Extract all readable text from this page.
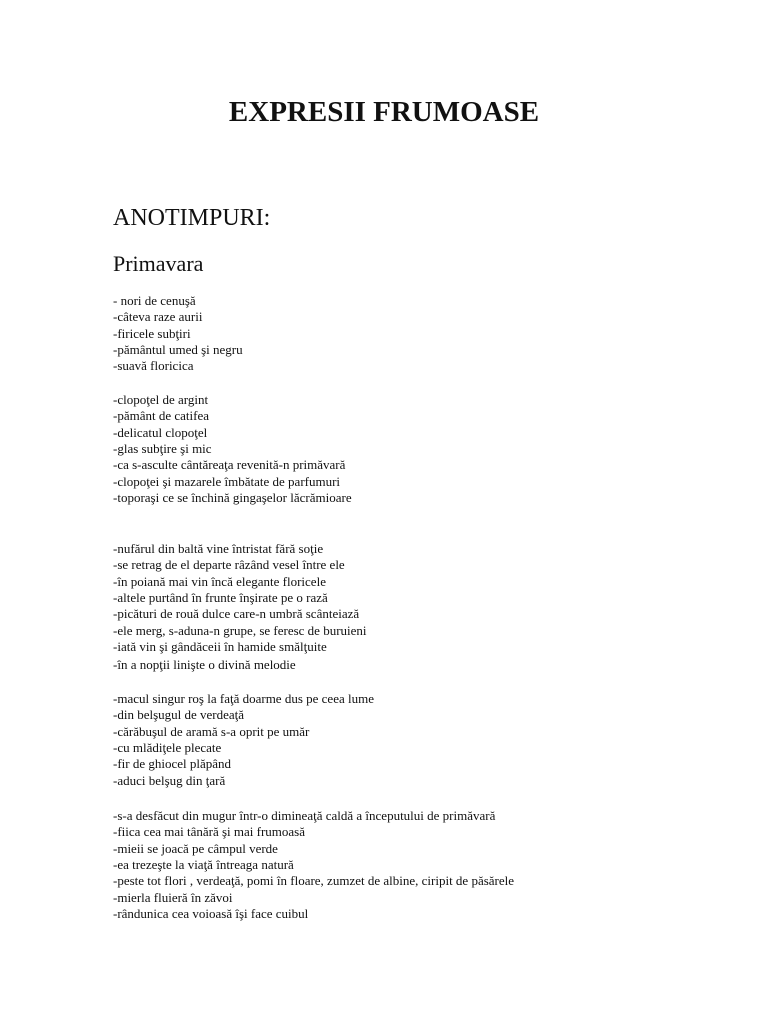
EXPRESII FRUMOASE
ANOTIMPURI:
Primavara

- nori de cenuşă

-câteva raze aurii

-firicele subţiri

-pământul umed şi negru

-suavă floricica

-clopoţel de argint

-pământ de catifea

-delicatul clopoţel

-glas subţire şi mic

-ca s-asculte cântăreaţa revenită-n primăvară

-clopoţei şi mazarele îmbătate de parfumuri

-toporaşi ce se închină gingaşelor lăcrămioare

-nufărul din baltă vine întristat fără soţie

-se retrag de el departe râzând vesel între ele

-în poiană mai vin încă elegante floricele

-altele purtând în frunte înşirate pe o rază

-picături de rouă dulce care-n umbră scânteiază

-ele merg, s-aduna-n grupe, se feresc de buruieni

-iată vin şi gândăceii în hamide smălţuite

-în a nopţii linişte o divină melodie

-macul singur roş la faţă doarme dus pe ceea lume

-din belşugul de verdeaţă

-cărăbuşul de aramă s-a oprit pe umăr

-cu mlădiţele plecate

-fir de ghiocel plăpând

-aduci belşug din ţară

-s-a desfăcut din mugur într-o dimineaţă caldă a începutului de primăvară

-fiica cea mai tânără şi mai frumoasă

-mieii se joacă pe câmpul verde

-ea trezeşte la viaţă întreaga natură

-peste tot flori , verdeaţă, pomi în floare, zumzet de albine, ciripit de păsărele

-mierla fluieră în zăvoi

-rândunica cea voioasă îşi face cuibul
